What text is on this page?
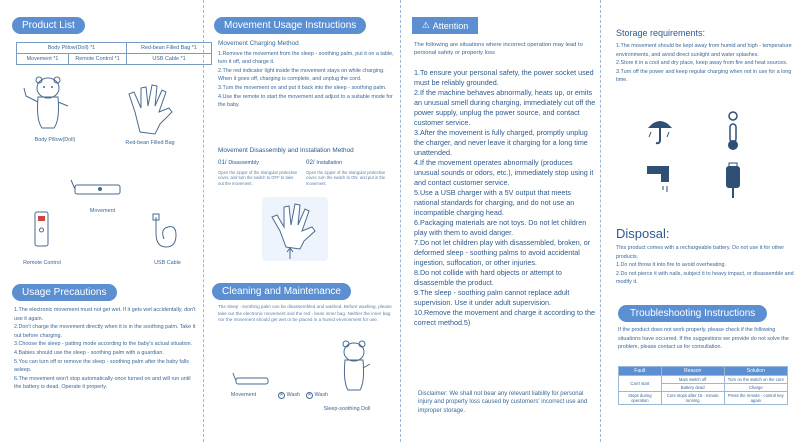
Product List
Body Pillow(Doll) *1		Red-bean Filled Bag *1
Movement *1	Remote Control *1	USB Cable *1
Body Pillow(Doll)	Red-bean Filled Bag
Movement
Remote Control	USB Cable
Usage Precautions
1.The electronic movement must not get wet. If it gets wet accidentally, don't use it again.
2.Don't charge the movement directly when it is in the soothing palm. Take it out before charging.
3.Choose the sleep - patting mode according to the baby's actual situation.
4.Babies should use the sleep - soothing palm with a guardian.
5.You can turn off or remove the sleep - soothing palm after the baby falls asleep.
6.The movement won't stop automatically once turned on and will run until the battery is dead. Operate it properly.
Movement Usage Instructions
Movement Charging Method
1.Remove the movement from the sleep - soothing palm, put it on a table, turn it off, and charge it.
2.The red indicator light inside the movement stays on while charging. When it goes off, charging is complete, and unplug the cord.
3.Turn the movement on and put it back into the sleep - soothing palm.
4.Use the remote to start the movement and adjust to a suitable mode for the baby.
Movement Disassembly and Installation Method
01/ Disassembly	02/ Installation
Open the zipper of the triangular protective cover, and turn the switch to OFF to take out the movement.
Open the zipper of the triangular protective cover, turn the switch to ON, and put in the movement.
Cleaning and Maintenance
The sleep - soothing palm can be disassembled and washed. Before washing, please take out the electronic movement and the red - bean inner bag. Neither the inner bag nor the movement should get wet or be placed in a humid environment for use.
Movement	✕ Wash	✕ Wash
Sleep-soothing Doll
⚠ Attention
The following are situations where incorrect operation may lead to personal safety or property loss
1.To ensure your personal safety, the power socket used must be reliably grounded.
2.If the machine behaves abnormally, heats up, or emits an unusual smell during charging, immediately cut off the power supply, unplug the power source, and contact customer service.
3.After the movement is fully charged, promptly unplug the charger, and never leave it charging for a long time unattended.
4.If the movement operates abnormally (produces unusual sounds or odors, etc.), immediately stop using it and contact customer service.
5.Use a USB charger with a 5V output that meets national standards for charging, and do not use an incompatible charging head.
6.Packaging materials are not toys. Do not let children play with them to avoid danger.
7.Do not let children play with disassembled, broken, or deformed sleep - soothing palms to avoid accidental ingestion, suffocation, or other injuries.
8.Do not collide with hard objects or attempt to disassemble the product.
9.The sleep - soothing palm cannot replace adult supervision. Use it under adult supervision.
10.Remove the movement and charge it according to the correct method.5)
Disclaimer: We shall not bear any relevant liability for personal injury and property loss caused by customers' incorrect use and improper storage.
Storage requirements:
1.The movement should be kept away from humid and high - temperature environments, and avoid direct sunlight and water splashes.
2.Store it in a cool and dry place, keep away from fire and heat sources.
3.Turn off the power and keep regular charging when not in use for a long time.
Disposal:
This product comes with a rechargeable battery. Do not use it for other products.
1.Do not throw it into fire to avoid overheating.
2.Do not pierce it with nails, subject it to heavy impact, or disassemble and modify it.
Troubleshooting Instructions
If the product does not work properly, please check if the following situations have occurred. If the suggestions we provide do not solve the problem, please contact us for consultation.
Fault	Reason	Solution
Can't start	Main switch off	Turn on the switch on the core
	Battery dead	Charge
Stops during operation	Core stops after 15 - minute running	Press the remote - control key again
